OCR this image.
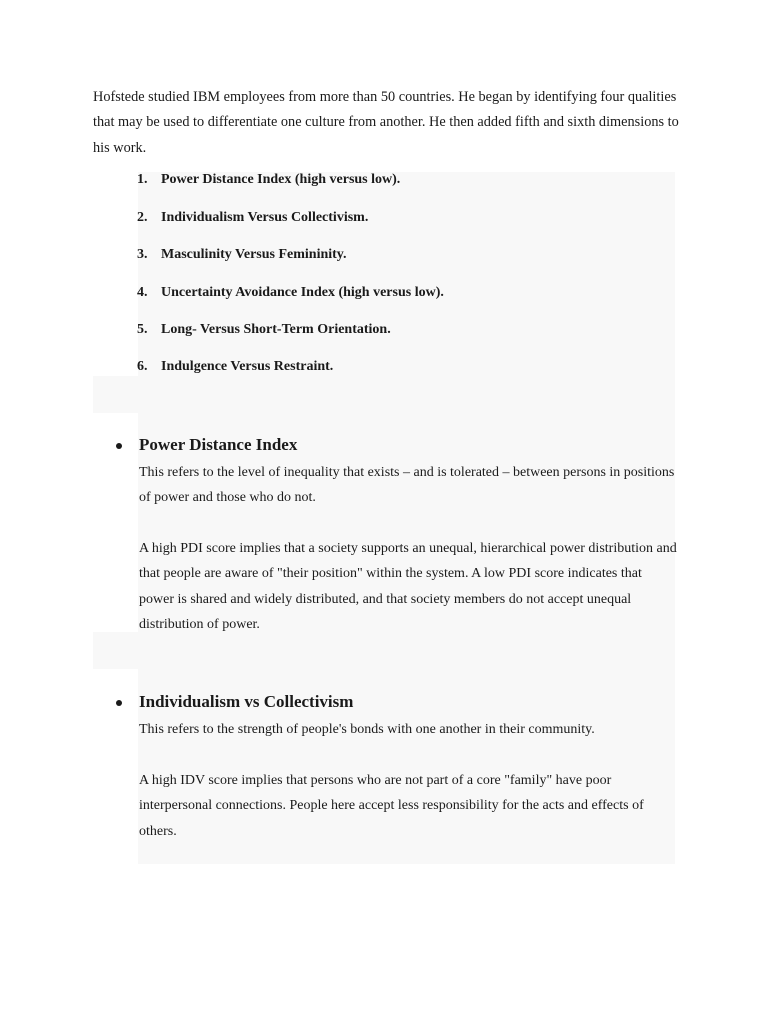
Hofstede studied IBM employees from more than 50 countries. He began by identifying four qualities that may be used to differentiate one culture from another. He then added fifth and sixth dimensions to his work.

1. Power Distance Index (high versus low).
2. Individualism Versus Collectivism.
3. Masculinity Versus Femininity.
4. Uncertainty Avoidance Index (high versus low).
5. Long- Versus Short-Term Orientation.
6. Indulgence Versus Restraint.
Power Distance Index

This refers to the level of inequality that exists – and is tolerated – between persons in positions of power and those who do not.

A high PDI score implies that a society supports an unequal, hierarchical power distribution and that people are aware of "their position" within the system. A low PDI score indicates that power is shared and widely distributed, and that society members do not accept unequal distribution of power.

Individualism vs Collectivism

This refers to the strength of people's bonds with one another in their community.

A high IDV score implies that persons who are not part of a core "family" have poor interpersonal connections. People here accept less responsibility for the acts and effects of others.
